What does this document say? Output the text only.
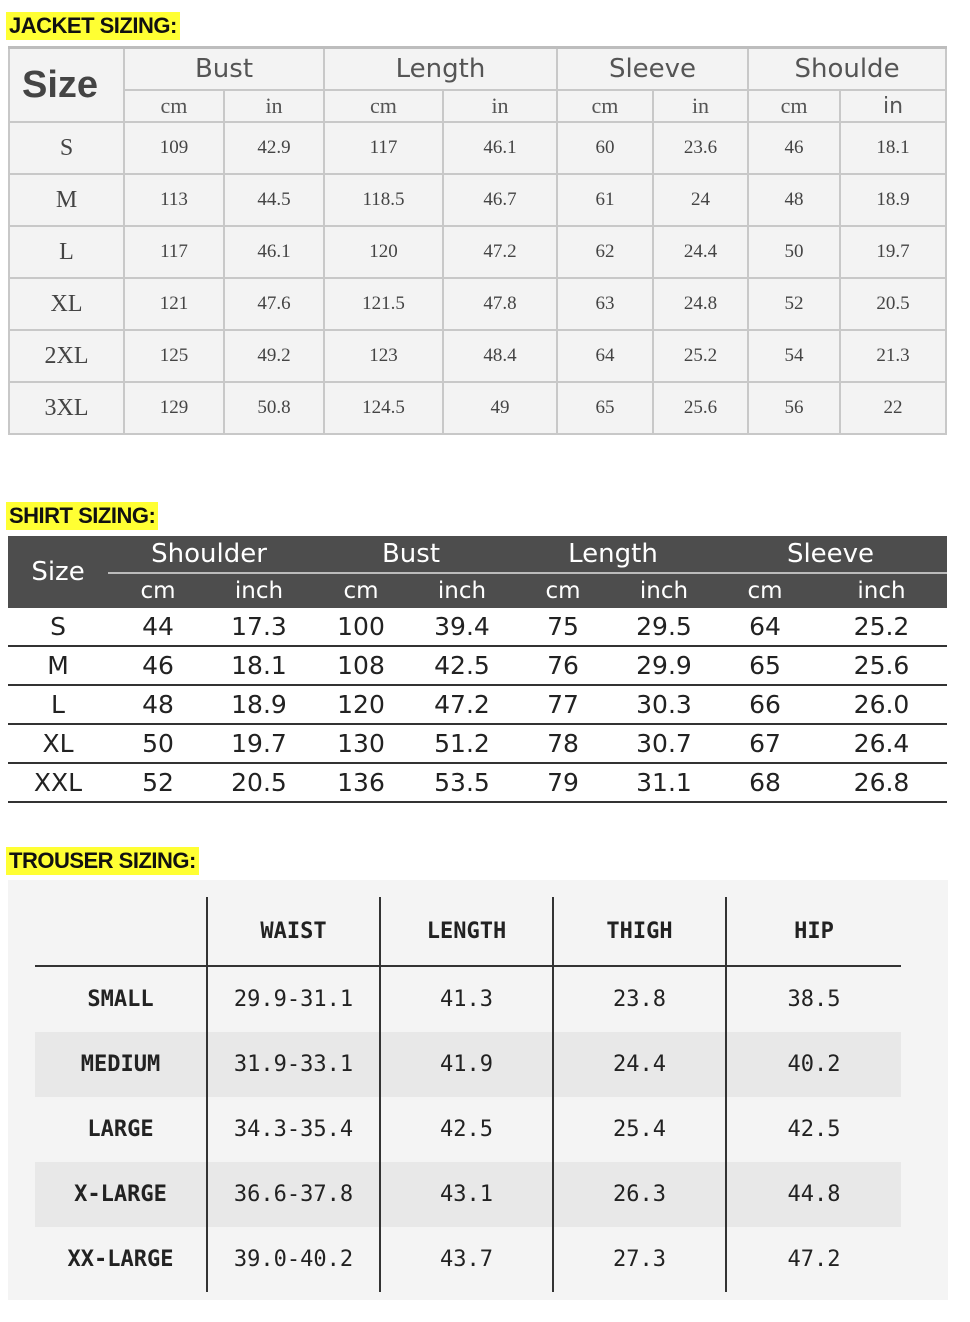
JACKET SIZING:
Size	Bust		Length		Sleeve		Shoulde	
	cm	in	cm	in	cm	in	cm	in
S	109	42.9	117	46.1	60	23.6	46	18.1
M	113	44.5	118.5	46.7	61	24	48	18.9
L	117	46.1	120	47.2	62	24.4	50	19.7
XL	121	47.6	121.5	47.8	63	24.8	52	20.5
2XL	125	49.2	123	48.4	64	25.2	54	21.3
3XL	129	50.8	124.5	49	65	25.6	56	22
SHIRT SIZING:
Size	Shoulder		Bust		Length		Sleeve	
	cm	inch	cm	inch	cm	inch	cm	inch
S	44	17.3	100	39.4	75	29.5	64	25.2
M	46	18.1	108	42.5	76	29.9	65	25.6
L	48	18.9	120	47.2	77	30.3	66	26.0
XL	50	19.7	130	51.2	78	30.7	67	26.4
XXL	52	20.5	136	53.5	79	31.1	68	26.8
TROUSER SIZING:
	WAIST	LENGTH	THIGH	HIP
SMALL	29.9-31.1	41.3	23.8	38.5
MEDIUM	31.9-33.1	41.9	24.4	40.2
LARGE	34.3-35.4	42.5	25.4	42.5
X-LARGE	36.6-37.8	43.1	26.3	44.8
XX-LARGE	39.0-40.2	43.7	27.3	47.2
